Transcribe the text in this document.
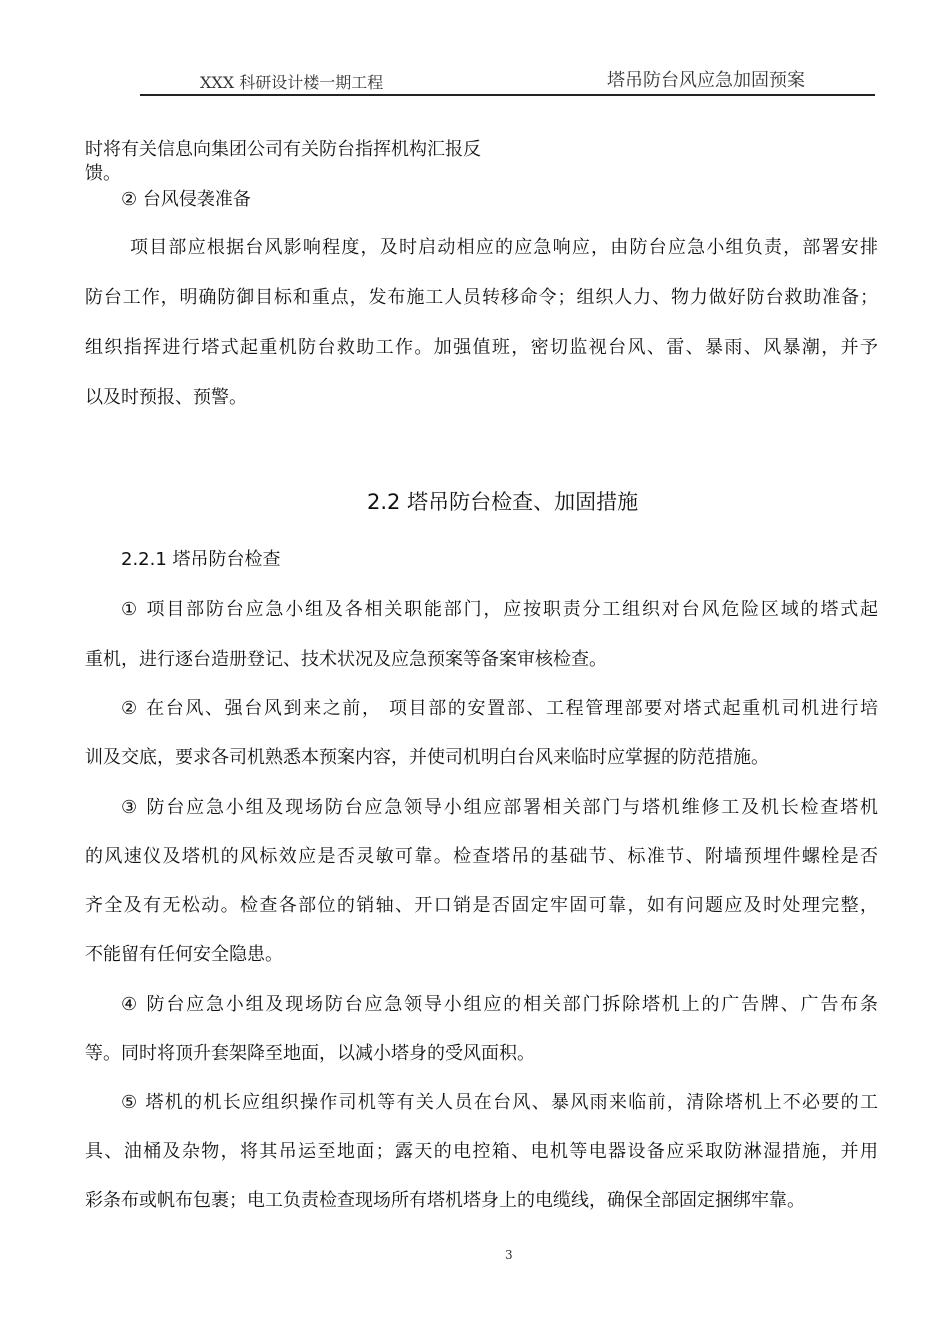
XXX 科研设计楼一期工程	塔吊防台风应急加固预案
时将有关信息向集团公司有关防台指挥机构汇报反馈。
② 台风侵袭准备
项目部应根据台风影响程度，及时启动相应的应急响应，由防台应急小组负责，部署安排
防台工作，明确防御目标和重点，发布施工人员转移命令；组织人力、物力做好防台救助准备；
组织指挥进行塔式起重机防台救助工作。加强值班，密切监视台风、雷、暴雨、风暴潮，并予
以及时预报、预警。
2.2 塔吊防台检查、加固措施
2.2.1 塔吊防台检查
① 项目部防台应急小组及各相关职能部门，应按职责分工组织对台风危险区域的塔式起
重机，进行逐台造册登记、技术状况及应急预案等备案审核检查。
② 在台风、强台风到来之前， 项目部的安置部、工程管理部要对塔式起重机司机进行培
训及交底，要求各司机熟悉本预案内容，并使司机明白台风来临时应掌握的防范措施。
③ 防台应急小组及现场防台应急领导小组应部署相关部门与塔机维修工及机长检查塔机
的风速仪及塔机的风标效应是否灵敏可靠。检查塔吊的基础节、标准节、附墙预埋件螺栓是否
齐全及有无松动。检查各部位的销轴、开口销是否固定牢固可靠，如有问题应及时处理完整，
不能留有任何安全隐患。
④ 防台应急小组及现场防台应急领导小组应的相关部门拆除塔机上的广告牌、广告布条
等。同时将顶升套架降至地面，以减小塔身的受风面积。
⑤ 塔机的机长应组织操作司机等有关人员在台风、暴风雨来临前，清除塔机上不必要的工
具、油桶及杂物，将其吊运至地面；露天的电控箱、电机等电器设备应采取防淋湿措施，并用
彩条布或帆布包裹；电工负责检查现场所有塔机塔身上的电缆线，确保全部固定捆绑牢靠。
3
